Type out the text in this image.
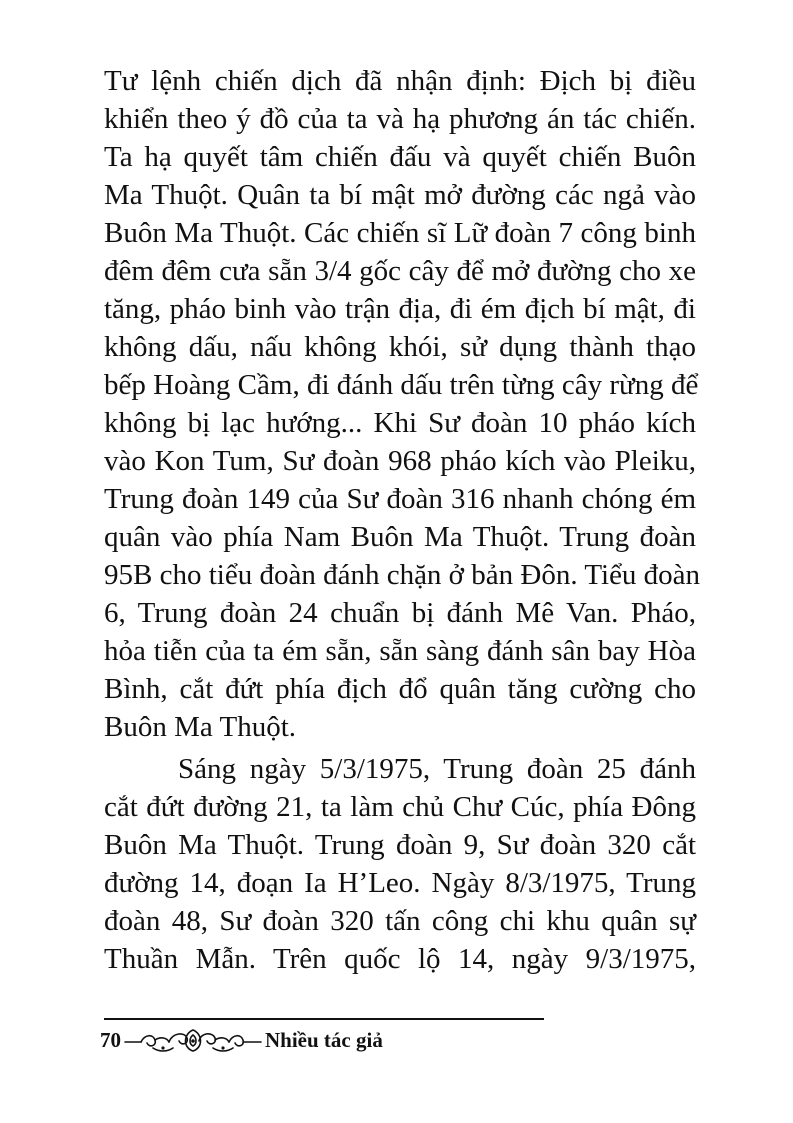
Tư lệnh chiến dịch đã nhận định: Địch bị điều
khiển theo ý đồ của ta và hạ phương án tác chiến.
Ta hạ quyết tâm chiến đấu và quyết chiến Buôn
Ma Thuột. Quân ta bí mật mở đường các ngả vào
Buôn Ma Thuột. Các chiến sĩ Lữ đoàn 7 công binh
đêm đêm cưa sẵn 3/4 gốc cây để mở đường cho xe
tăng, pháo binh vào trận địa, đi ém địch bí mật, đi
không dấu, nấu không khói, sử dụng thành thạo
bếp Hoàng Cầm, đi đánh dấu trên từng cây rừng để
không bị lạc hướng... Khi Sư đoàn 10 pháo kích
vào Kon Tum, Sư đoàn 968 pháo kích vào Pleiku,
Trung đoàn 149 của Sư đoàn 316 nhanh chóng ém
quân vào phía Nam Buôn Ma Thuột. Trung đoàn
95B cho tiểu đoàn đánh chặn ở bản Đôn. Tiểu đoàn
6, Trung đoàn 24 chuẩn bị đánh Mê Van. Pháo,
hỏa tiễn của ta ém sẵn, sẵn sàng đánh sân bay Hòa
Bình, cắt đứt phía địch đổ quân tăng cường cho
Buôn Ma Thuột.
Sáng ngày 5/3/1975, Trung đoàn 25 đánh
cắt đứt đường 21, ta làm chủ Chư Cúc, phía Đông
Buôn Ma Thuột. Trung đoàn 9, Sư đoàn 320 cắt
đường 14, đoạn Ia H’Leo. Ngày 8/3/1975, Trung
đoàn 48, Sư đoàn 320 tấn công chi khu quân sự
Thuần Mẫn. Trên quốc lộ 14, ngày 9/3/1975,
70	Nhiều tác giả
